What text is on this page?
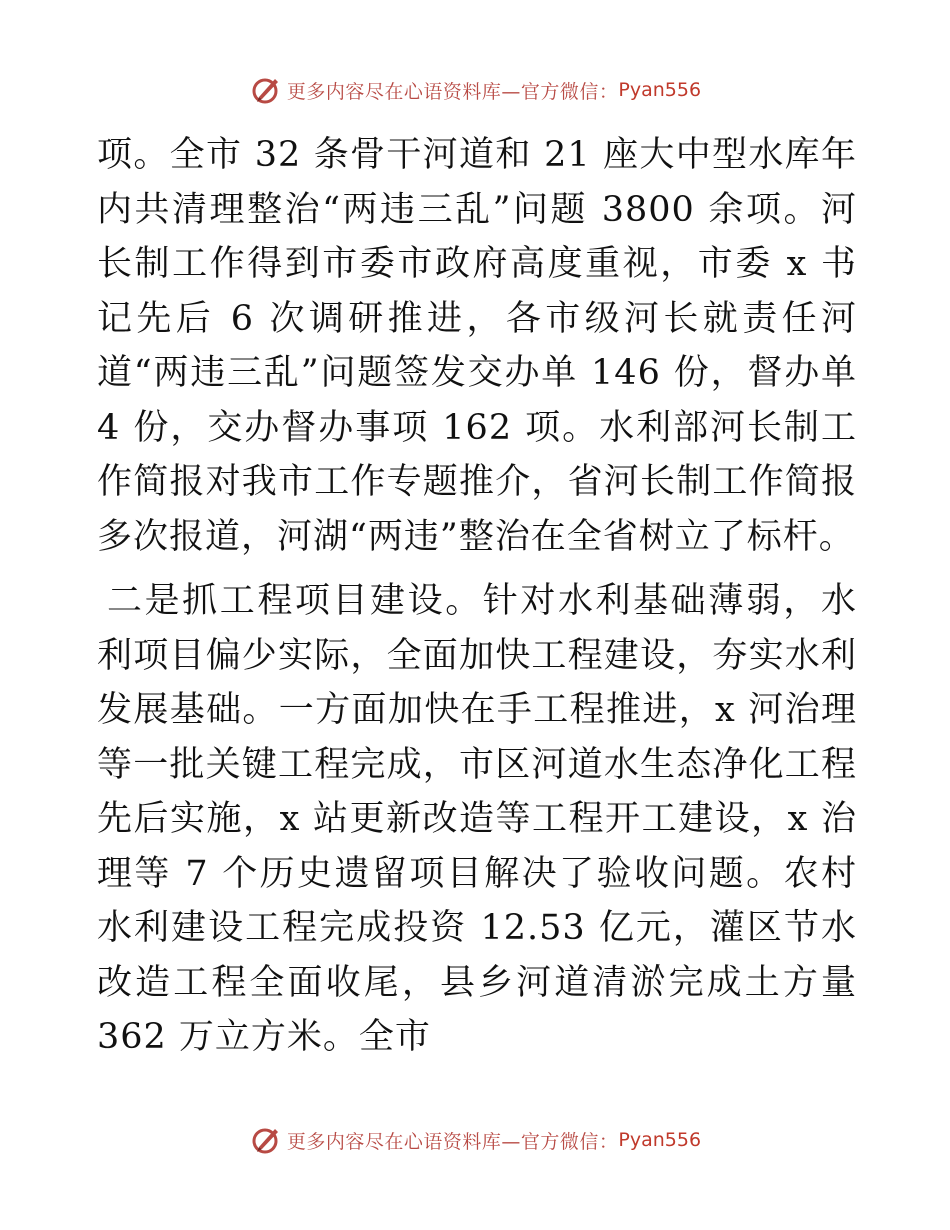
更多内容尽在心语资料库—官方微信： Pyan556

项。全市 32 条骨干河道和 21 座大中型水库年内共清理整治“两违三乱”问题 3800 余项。河长制工作得到市委市政府高度重视，市委 x 书记先后 6 次调研推进，各市级河长就责任河道“两违三乱”问题签发交办单 146 份，督办单 4 份，交办督办事项 162 项。水利部河长制工作简报对我市工作专题推介，省河长制工作简报多次报道，河湖“两违”整治在全省树立了标杆。

二是抓工程项目建设。针对水利基础薄弱，水利项目偏少实际，全面加快工程建设，夯实水利发展基础。一方面加快在手工程推进，x 河治理等一批关键工程完成，市区河道水生态净化工程先后实施，x 站更新改造等工程开工建设，x 治理等 7 个历史遗留项目解决了验收问题。农村水利建设工程完成投资 12.53 亿元，灌区节水改造工程全面收尾，县乡河道清淤完成土方量 362 万立方米。全市

更多内容尽在心语资料库—官方微信： Pyan556
